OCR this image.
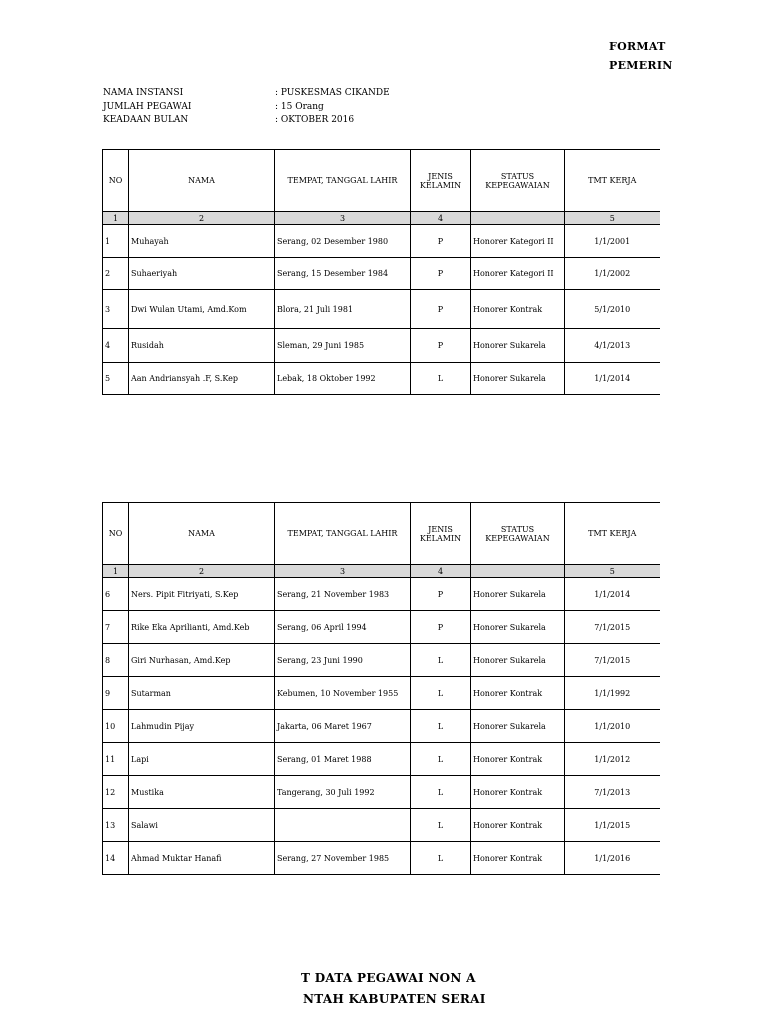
FORMAT
PEMERIN
NAMA INSTANSI	: PUSKESMAS CIKANDE
JUMLAH PEGAWAI	: 15 Orang
KEADAAN BULAN	: OKTOBER 2016
NO	NAMA	TEMPAT, TANGGAL LAHIR	JENIS KELAMIN	STATUS KEPEGAWAIAN	TMT KERJA
1	2	3	4		5
1	Muhayah	Serang, 02 Desember 1980	P	Honorer Kategori II	1/1/2001
2	Suhaeriyah	Serang, 15 Desember 1984	P	Honorer Kategori II	1/1/2002
3	Dwi Wulan Utami, Amd.Kom	Blora, 21 Juli 1981	P	Honorer Kontrak	5/1/2010
4	Rusidah	Sleman, 29 Juni 1985	P	Honorer Sukarela	4/1/2013
5	Aan Andriansyah .F, S.Kep	Lebak, 18 Oktober 1992	L	Honorer Sukarela	1/1/2014
NO	NAMA	TEMPAT, TANGGAL LAHIR	JENIS KELAMIN	STATUS KEPEGAWAIAN	TMT KERJA
1	2	3	4		5
6	Ners. Pipit Fitriyati, S.Kep	Serang, 21 November 1983	P	Honorer Sukarela	1/1/2014
7	Rike Eka Aprilianti, Amd.Keb	Serang, 06 April 1994	P	Honorer Sukarela	7/1/2015
8	Giri Nurhasan, Amd.Kep	Serang, 23 Juni 1990	L	Honorer Sukarela	7/1/2015
9	Sutarman	Kebumen, 10 November 1955	L	Honorer Kontrak	1/1/1992
10	Lahmudin Pijay	Jakarta, 06 Maret 1967	L	Honorer Sukarela	1/1/2010
11	Lapi	Serang, 01 Maret 1988	L	Honorer Kontrak	1/1/2012
12	Mustika	Tangerang, 30 Juli 1992	L	Honorer Kontrak	7/1/2013
13	Salawi		L	Honorer Kontrak	1/1/2015
14	Ahmad Muktar Hanafi	Serang, 27 November 1985	L	Honorer Kontrak	1/1/2016
T DATA PEGAWAI NON A
NTAH KABUPATEN SERAI
